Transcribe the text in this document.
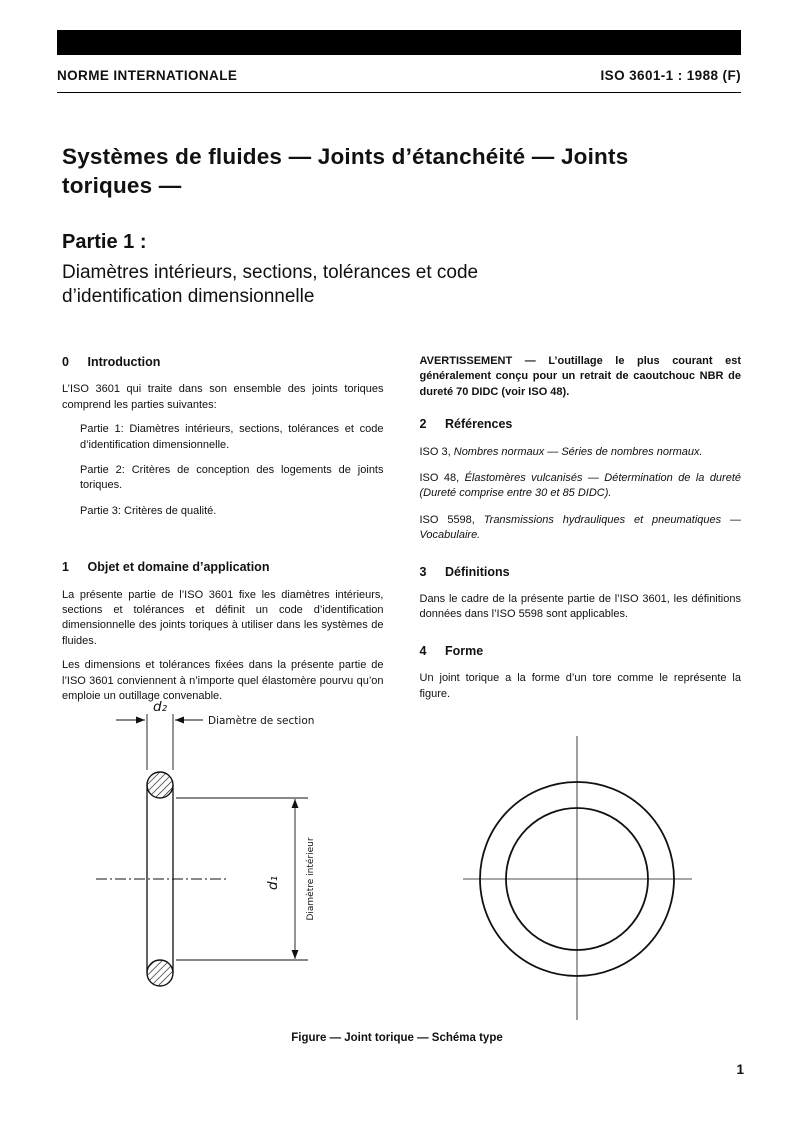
NORME INTERNATIONALE	ISO 3601-1 : 1988 (F)
Systèmes de fluides — Joints d’étanchéité — Joints toriques —
Partie 1 :
Diamètres intérieurs, sections, tolérances et code d’identification dimensionnelle
0 Introduction

L’ISO 3601 qui traite dans son ensemble des joints toriques comprend les parties suivantes:

Partie 1: Diamètres intérieurs, sections, tolérances et code d’identification dimensionnelle.

Partie 2: Critères de conception des logements de joints toriques.

Partie 3: Critères de qualité.

1 Objet et domaine d’application

La présente partie de l’ISO 3601 fixe les diamètres intérieurs, sections et tolérances et définit un code d’identification dimensionnelle des joints toriques à utiliser dans les systèmes de fluides.

Les dimensions et tolérances fixées dans la présente partie de l’ISO 3601 conviennent à n’importe quel élastomère pourvu qu’on emploie un outillage convenable.

AVERTISSEMENT — L’outillage le plus courant est généralement conçu pour un retrait de caoutchouc NBR de dureté 70 DIDC (voir ISO 48).

2 Références

ISO 3, Nombres normaux — Séries de nombres normaux.

ISO 48, Élastomères vulcanisés — Détermination de la dureté (Dureté comprise entre 30 et 85 DIDC).

ISO 5598, Transmissions hydrauliques et pneumatiques — Vocabulaire.

3 Définitions

Dans le cadre de la présente partie de l’ISO 3601, les définitions données dans l’ISO 5598 sont applicables.

4 Forme

Un joint torique a la forme d’un tore comme le représente la figure.

d₂
Diamètre de section
d₁	Diamètre intérieur
Figure — Joint torique — Schéma type
1
